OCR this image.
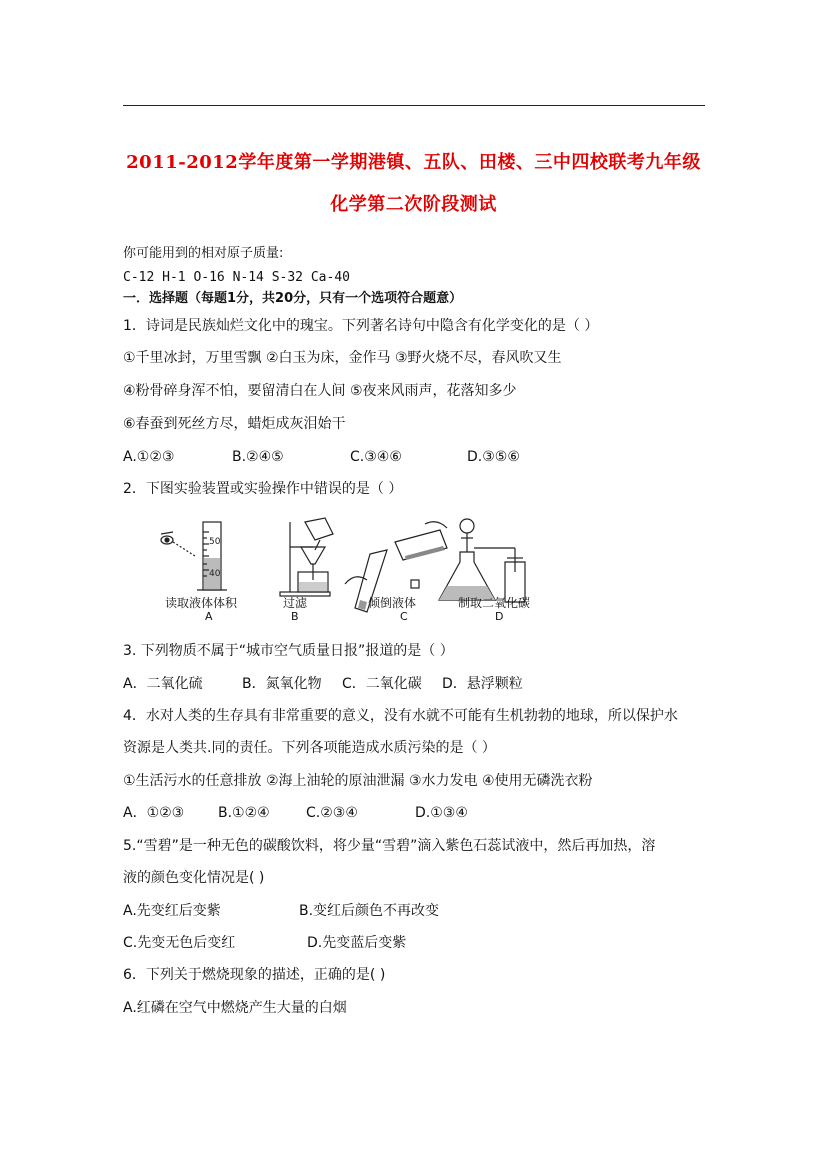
2011-2012学年度第一学期港镇、五队、田楼、三中四校联考九年级
化学第二次阶段测试
你可能用到的相对原子质量:
C-12 H-1 O-16 N-14 S-32 Ca-40
一．选择题（每题1分，共20分，只有一个选项符合题意）
1．诗词是民族灿烂文化中的瑰宝。下列著名诗句中隐含有化学变化的是（ ）
①千里冰封，万里雪飘 ②白玉为床，金作马 ③野火烧不尽，春风吹又生
④粉骨碎身浑不怕，要留清白在人间 ⑤夜来风雨声，花落知多少
⑥春蚕到死丝方尽，蜡炬成灰泪始干
A.①②③	B.②④⑤	C.③④⑥	D.③⑤⑥
2．下图实验装置或实验操作中错误的是（ ）
50
40
读取液体体积	过滤	倾倒液体	制取二氧化碳
A	B	C	D
3. 下列物质不属于“城市空气质量日报”报道的是（ ）
A．二氧化硫	B．氮氧化物 C．二氧化碳 D．悬浮颗粒
4．水对人类的生存具有非常重要的意义，没有水就不可能有生机勃勃的地球，所以保护水
资源是人类共.同的责任。下列各项能造成水质污染的是（ ）
①生活污水的任意排放 ②海上油轮的原油泄漏 ③水力发电 ④使用无磷洗衣粉
A．①②③ B.①②④	C.②③④	D.①③④
5.“雪碧”是一种无色的碳酸饮料，将少量“雪碧”滴入紫色石蕊试液中，然后再加热，溶
液的颜色变化情况是( )
A.先变红后变紫	B.变红后颜色不再改变
C.先变无色后变红	D.先变蓝后变紫
6．下列关于燃烧现象的描述，正确的是( )
A.红磷在空气中燃烧产生大量的白烟
